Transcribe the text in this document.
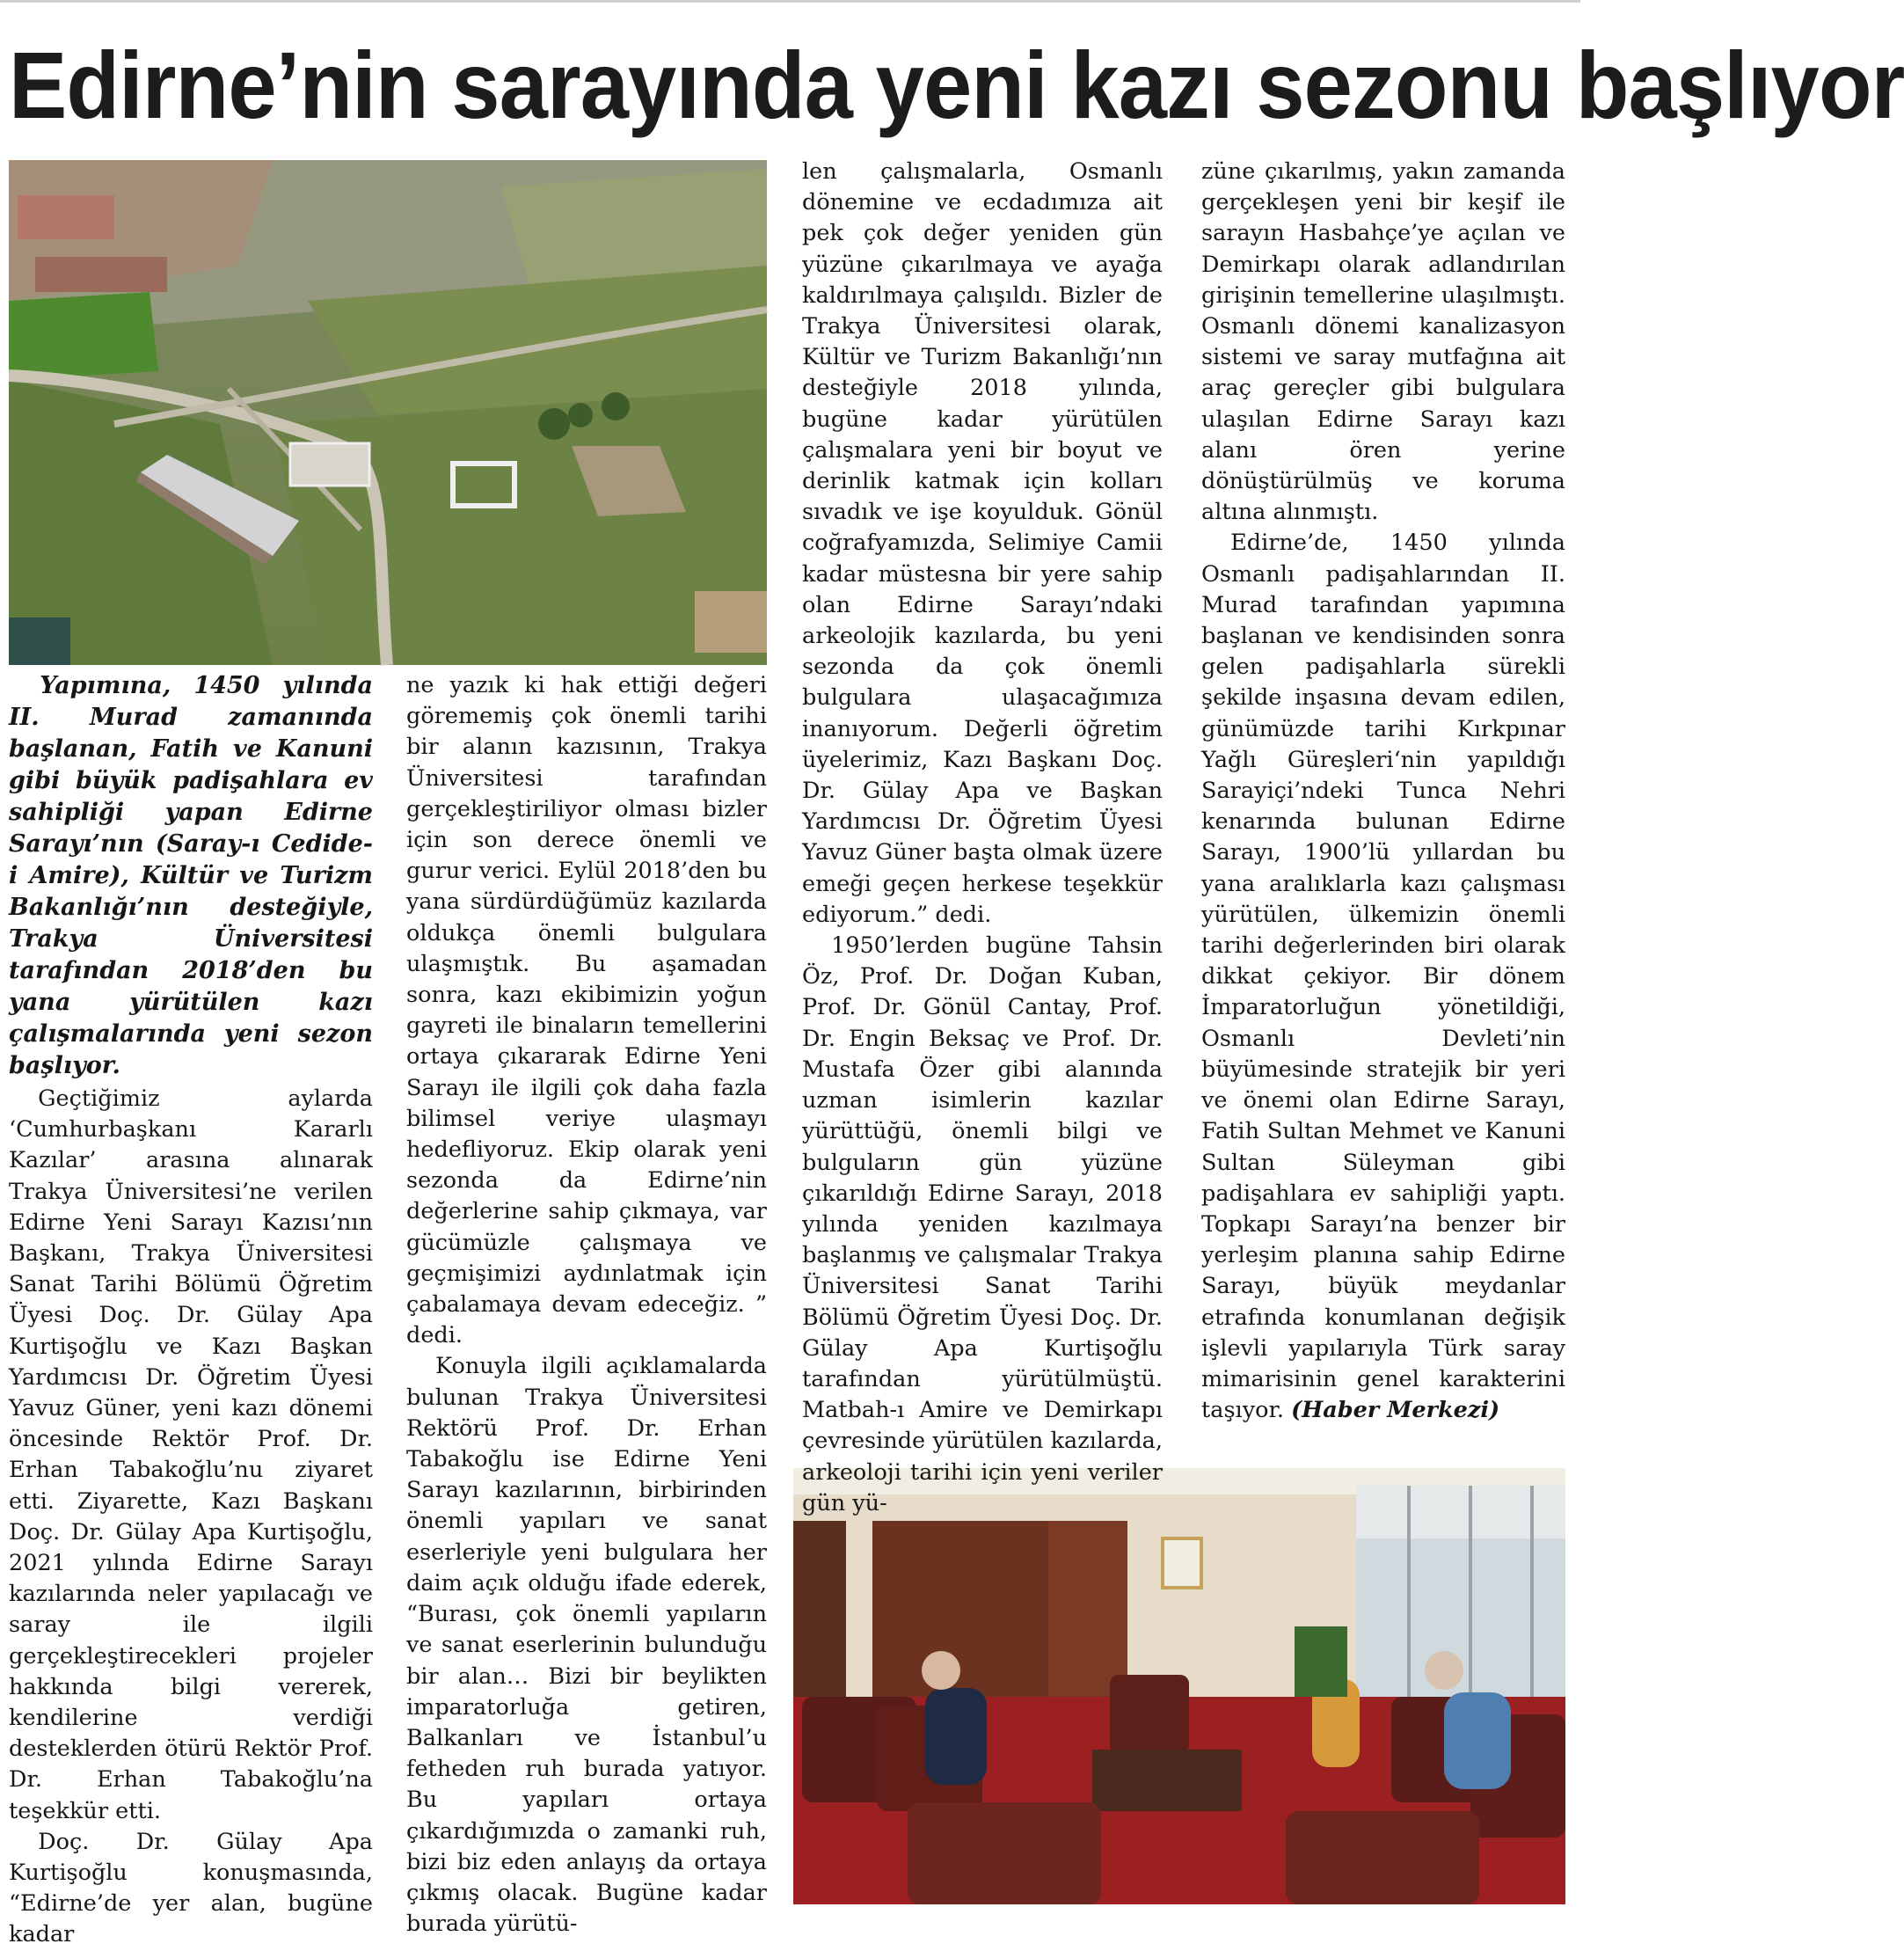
Edirne’nin sarayında yeni kazı sezonu başlıyor

Yapımına, 1450 yılında II. Murad zamanında başlanan, Fatih ve Kanuni gibi büyük padişahlara ev sahipliği yapan Edirne Sarayı’nın (Saray-ı Cedide-i Amire), Kültür ve Turizm Bakanlığı’nın desteğiyle, Trakya Üniversitesi tarafından 2018’den bu yana yürütülen kazı çalışmalarında yeni sezon başlıyor.

Geçtiğimiz aylarda ‘Cumhurbaşkanı Kararlı Kazılar’ arasına alınarak Trakya Üniversitesi’ne verilen Edirne Yeni Sarayı Kazısı’nın Başkanı, Trakya Üniversitesi Sanat Tarihi Bölümü Öğretim Üyesi Doç. Dr. Gülay Apa Kurtişoğlu ve Kazı Başkan Yardımcısı Dr. Öğretim Üyesi Yavuz Güner, yeni kazı dönemi öncesinde Rektör Prof. Dr. Erhan Tabakoğlu’nu ziyaret etti. Ziyarette, Kazı Başkanı Doç. Dr. Gülay Apa Kurtişoğlu, 2021 yılında Edirne Sarayı kazılarında neler yapılacağı ve saray ile ilgili gerçekleştirecekleri projeler hakkında bilgi vererek, kendilerine verdiği desteklerden ötürü Rektör Prof. Dr. Erhan Tabakoğlu’na teşekkür etti.

Doç. Dr. Gülay Apa Kurtişoğlu konuşmasında, “Edirne’de yer alan, bugüne kadar

ne yazık ki hak ettiği değeri görememiş çok önemli tarihi bir alanın kazısının, Trakya Üniversitesi tarafından gerçekleştiriliyor olması bizler için son derece önemli ve gurur verici. Eylül 2018’den bu yana sürdürdüğümüz kazılarda oldukça önemli bulgulara ulaşmıştık. Bu aşamadan sonra, kazı ekibimizin yoğun gayreti ile binaların temellerini ortaya çıkararak Edirne Yeni Sarayı ile ilgili çok daha fazla bilimsel veriye ulaşmayı hedefliyoruz. Ekip olarak yeni sezonda da Edirne’nin değerlerine sahip çıkmaya, var gücümüzle çalışmaya ve geçmişimizi aydınlatmak için çabalamaya devam edeceğiz. ” dedi.

Konuyla ilgili açıklamalarda bulunan Trakya Üniversitesi Rektörü Prof. Dr. Erhan Tabakoğlu ise Edirne Yeni Sarayı kazılarının, birbirinden önemli yapıları ve sanat eserleriyle yeni bulgulara her daim açık olduğu ifade ederek, “Burası, çok önemli yapıların ve sanat eserlerinin bulunduğu bir alan… Bizi bir beylikten imparatorluğa getiren, Balkanları ve İstanbul’u fetheden ruh burada yatıyor. Bu yapıları ortaya çıkardığımızda o zamanki ruh, bizi biz eden anlayış da ortaya çıkmış olacak. Bugüne kadar burada yürütü-

len çalışmalarla, Osmanlı dönemine ve ecdadımıza ait pek çok değer yeniden gün yüzüne çıkarılmaya ve ayağa kaldırılmaya çalışıldı. Bizler de Trakya Üniversitesi olarak, Kültür ve Turizm Bakanlığı’nın desteğiyle 2018 yılında, bugüne kadar yürütülen çalışmalara yeni bir boyut ve derinlik katmak için kolları sıvadık ve işe koyulduk. Gönül coğrafyamızda, Selimiye Camii kadar müstesna bir yere sahip olan Edirne Sarayı’ndaki arkeolojik kazılarda, bu yeni sezonda da çok önemli bulgulara ulaşacağımıza inanıyorum. Değerli öğretim üyelerimiz, Kazı Başkanı Doç. Dr. Gülay Apa ve Başkan Yardımcısı Dr. Öğretim Üyesi Yavuz Güner başta olmak üzere emeği geçen herkese teşekkür ediyorum.” dedi.

1950’lerden bugüne Tahsin Öz, Prof. Dr. Doğan Kuban, Prof. Dr. Gönül Cantay, Prof. Dr. Engin Beksaç ve Prof. Dr. Mustafa Özer gibi alanında uzman isimlerin kazılar yürüttüğü, önemli bilgi ve bulguların gün yüzüne çıkarıldığı Edirne Sarayı, 2018 yılında yeniden kazılmaya başlanmış ve çalışmalar Trakya Üniversitesi Sanat Tarihi Bölümü Öğretim Üyesi Doç. Dr. Gülay Apa Kurtişoğlu tarafından yürütülmüştü. Matbah-ı Amire ve Demirkapı çevresinde yürütülen kazılarda, arkeoloji tarihi için yeni veriler gün yü-

züne çıkarılmış, yakın zamanda gerçekleşen yeni bir keşif ile sarayın Hasbahçe’ye açılan ve Demirkapı olarak adlandırılan girişinin temellerine ulaşılmıştı. Osmanlı dönemi kanalizasyon sistemi ve saray mutfağına ait araç gereçler gibi bulgulara ulaşılan Edirne Sarayı kazı alanı ören yerine dönüştürülmüş ve koruma altına alınmıştı.

Edirne’de, 1450 yılında Osmanlı padişahlarından II. Murad tarafından yapımına başlanan ve kendisinden sonra gelen padişahlarla sürekli şekilde inşasına devam edilen, günümüzde tarihi Kırkpınar Yağlı Güreşleri‘nin yapıldığı Sarayiçi’ndeki Tunca Nehri kenarında bulunan Edirne Sarayı, 1900’lü yıllardan bu yana aralıklarla kazı çalışması yürütülen, ülkemizin önemli tarihi değerlerinden biri olarak dikkat çekiyor. Bir dönem İmparatorluğun yönetildiği, Osmanlı Devleti’nin büyümesinde stratejik bir yeri ve önemi olan Edirne Sarayı, Fatih Sultan Mehmet ve Kanuni Sultan Süleyman gibi padişahlara ev sahipliği yaptı. Topkapı Sarayı’na benzer bir yerleşim planına sahip Edirne Sarayı, büyük meydanlar etrafında konumlanan değişik işlevli yapılarıyla Türk saray mimarisinin genel karakterini taşıyor. (Haber Merkezi)
